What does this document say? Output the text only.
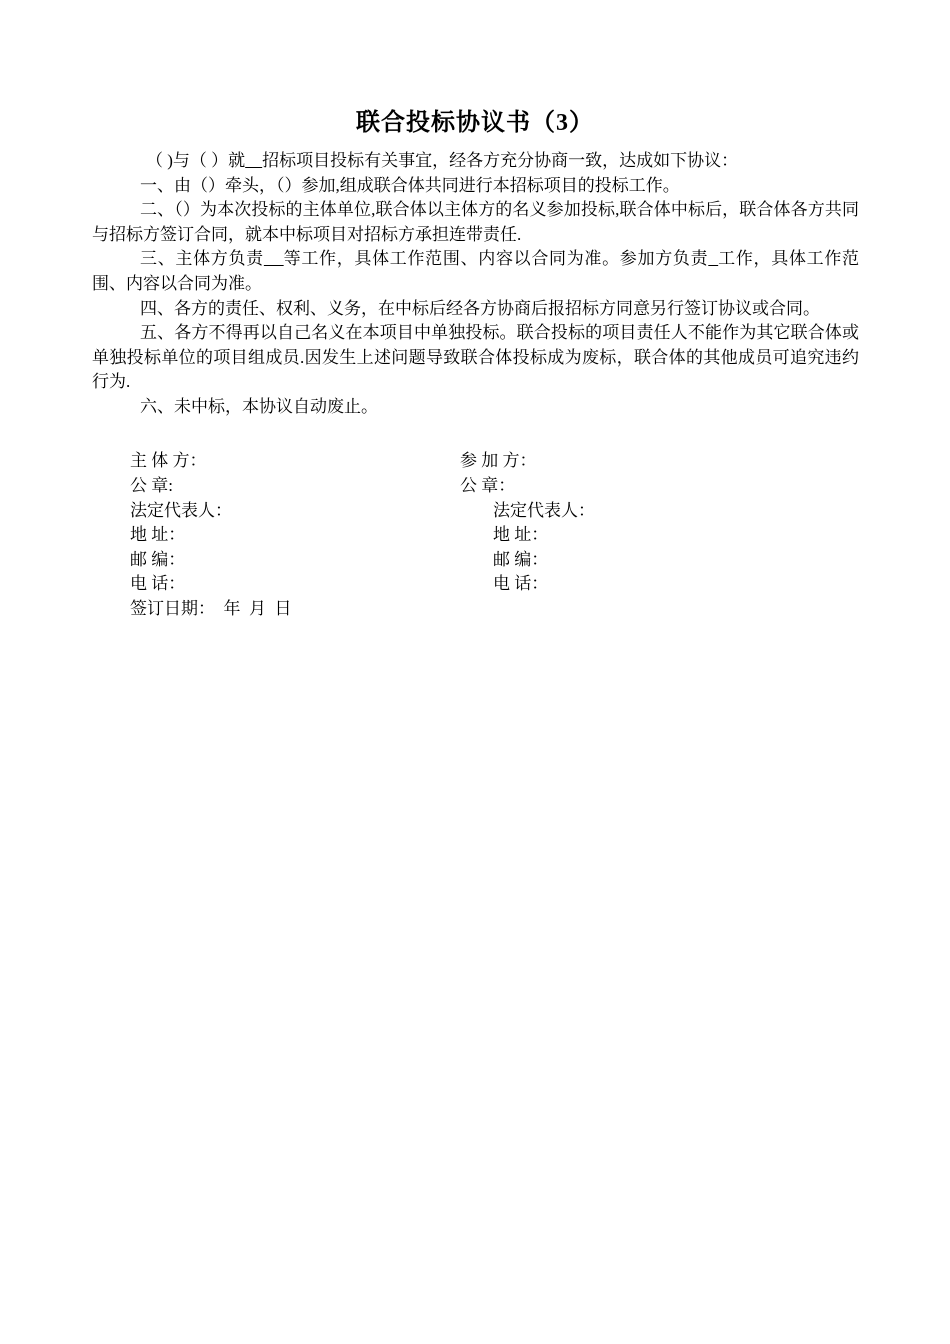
联合投标协议书（3）

（ )与（ ）就 招标项目投标有关事宜，经各方充分协商一致，达成如下协议：

一、由（）牵头，（）参加,组成联合体共同进行本招标项目的投标工作。

二、（）为本次投标的主体单位,联合体以主体方的名义参加投标,联合体中标后，联合体各方共同与招标方签订合同，就本中标项目对招标方承担连带责任.

三、主体方负责 等工作，具体工作范围、内容以合同为准。参加方负责 工作，具体工作范围、内容以合同为准。

四、各方的责任、权利、义务，在中标后经各方协商后报招标方同意另行签订协议或合同。

五、各方不得再以自己名义在本项目中单独投标。联合投标的项目责任人不能作为其它联合体或单独投标单位的项目组成员.因发生上述问题导致联合体投标成为废标，联合体的其他成员可追究违约行为.

六、未中标，本协议自动废止。

主 体 方：
公 章:
法定代表人：
地 址：
邮 编：
电 话：
签订日期：  年  月  日
参 加 方：
公 章：
法定代表人：
地 址：
邮 编：
电 话：
